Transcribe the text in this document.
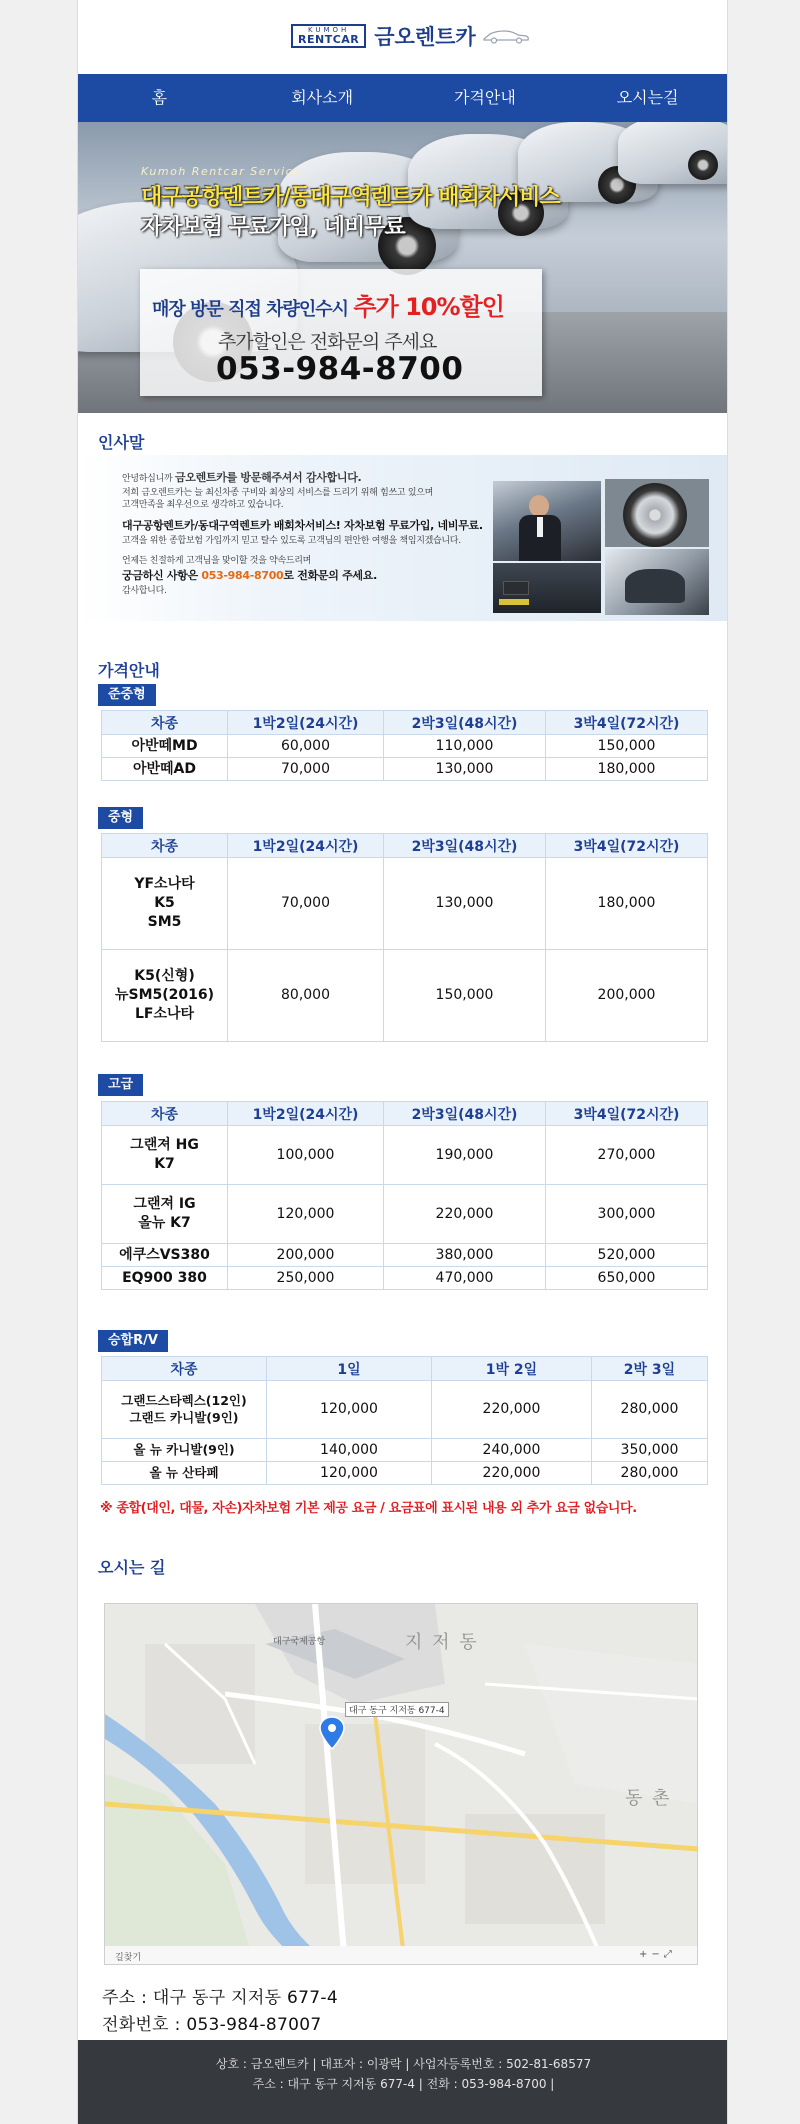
KUMOH
RENTCAR 금오렌트카
홈	회사소개	가격안내	오시는길
Kumoh Rentcar Service
대구공항렌트카/동대구역렌트카 배회차서비스
자차보험 무료가입, 네비무료
매장 방문 직접 차량인수시 추가 10%할인
추가할인은 전화문의 주세요
053-984-8700
인사말
안녕하십니까 금오렌트카를 방문해주셔서 감사합니다.
저희 금오렌트카는 늘 최신차종 구비와 최상의 서비스를 드리기 위해 힘쓰고 있으며
고객만족을 최우선으로 생각하고 있습니다.
대구공항렌트카/동대구역렌트카 배회차서비스! 자차보험 무료가입, 네비무료.
고객을 위한 종합보험 가입까지 믿고 탈수 있도록 고객님의 편안한 여행을 책임지겠습니다.
언제든 친절하게 고객님을 맞이할 것을 약속드리며
궁금하신 사항은 053-984-8700로 전화문의 주세요.
감사합니다.
가격안내
준중형
차종	1박2일(24시간)	2박3일(48시간)	3박4일(72시간)
아반떼MD	60,000	110,000	150,000
아반떼AD	70,000	130,000	180,000
중형
차종	1박2일(24시간)	2박3일(48시간)	3박4일(72시간)

YF소나타
K5
SM5	70,000	130,000	180,000

K5(신형)
뉴SM5(2016)
LF소나타	80,000	150,000	200,000
고급
차종	1박2일(24시간)	2박3일(48시간)	3박4일(72시간)

그랜져 HG
K7	100,000	190,000	270,000

그랜져 IG
올뉴 K7	120,000	220,000	300,000
에쿠스VS380	200,000	380,000	520,000
EQ900 380	250,000	470,000	650,000
승합R/V
차종	1일	1박 2일	2박 3일

그랜드스타렉스(12인)
그랜드 카니발(9인)	120,000	220,000	280,000
올 뉴 카니발(9인)	140,000	240,000	350,000
올 뉴 산타페	120,000	220,000	280,000
※ 종합(대인, 대물, 자손)자차보험 기본 제공 요금 / 요금표에 표시된 내용 외 추가 요금 없습니다.
오시는 길
지 저 동
동 촌
대구국제공항
대구 동구 지저동 677-4
길찾기	+−⤢
주소 : 대구 동구 지저동 677-4
전화번호 : 053-984-87007
상호 : 금오렌트카 | 대표자 : 이광락 | 사업자등록번호 : 502-81-68577
주소 : 대구 동구 지저동 677-4 | 전화 : 053-984-8700 |
